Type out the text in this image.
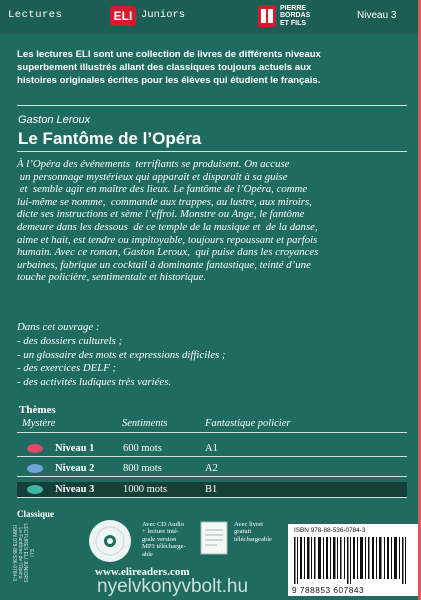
Lectures	ELI Juniors
PIERRE
BORDAS
ET FILS
Niveau 3
Les lectures ELI sont une collection de livres de différents niveaux
superbement illustrés allant des classiques toujours actuels aux
histoires originales écrites pour les élèves qui étudient le français.
Gaston Leroux
Le Fantôme de l’Opéra
À l’Opéra des événements  terrifiants se produisent. On accuse
un personnage mystérieux qui apparaît et disparaît à sa guise
et  semble agir en maître des lieux. Le fantôme de l’Opéra, comme
lui-même se nomme,  commande aux trappes, au lustre, aux miroirs,
dicte ses instructions et sème l’effroi. Monstre ou Ange, le fantôme
demeure dans les dessous  de ce temple de la musique et  de la danse,
aime et hait, est tendre ou impitoyable, toujours repoussant et parfois
humain. Avec ce roman, Gaston Leroux,  qui puise dans les croyances
urbaines, fabrique un cocktail à dominante fantastique, teinté d’une
touche policière, sentimentale et historique.
Dans cet ouvrage :
- des dossiers culturels ;
- un glossaire des mots et expressions difficiles ;
- des exercices DELF ;
- des activités ludiques très variées.
Thèmes
Mystère	Sentiments	Fantastique policier
Niveau 1	600 mots	A1
Niveau 2	800 mots	A2
Niveau 3	1000 mots	B1
Classique
ELI
LECTURES ELI JUNIORS
Le Fantôme de l’Opéra
ISBN 978-88-536-0784-3
Avec CD Audio
+ lecture inté-
grale version
MP3 télécharge-
able
Avec livret
gratuit
téléchargeable
ISBN 978-88-536-0784-3
9 788853 607843
www.elireaders.com
nyelvkonyvbolt.hu
